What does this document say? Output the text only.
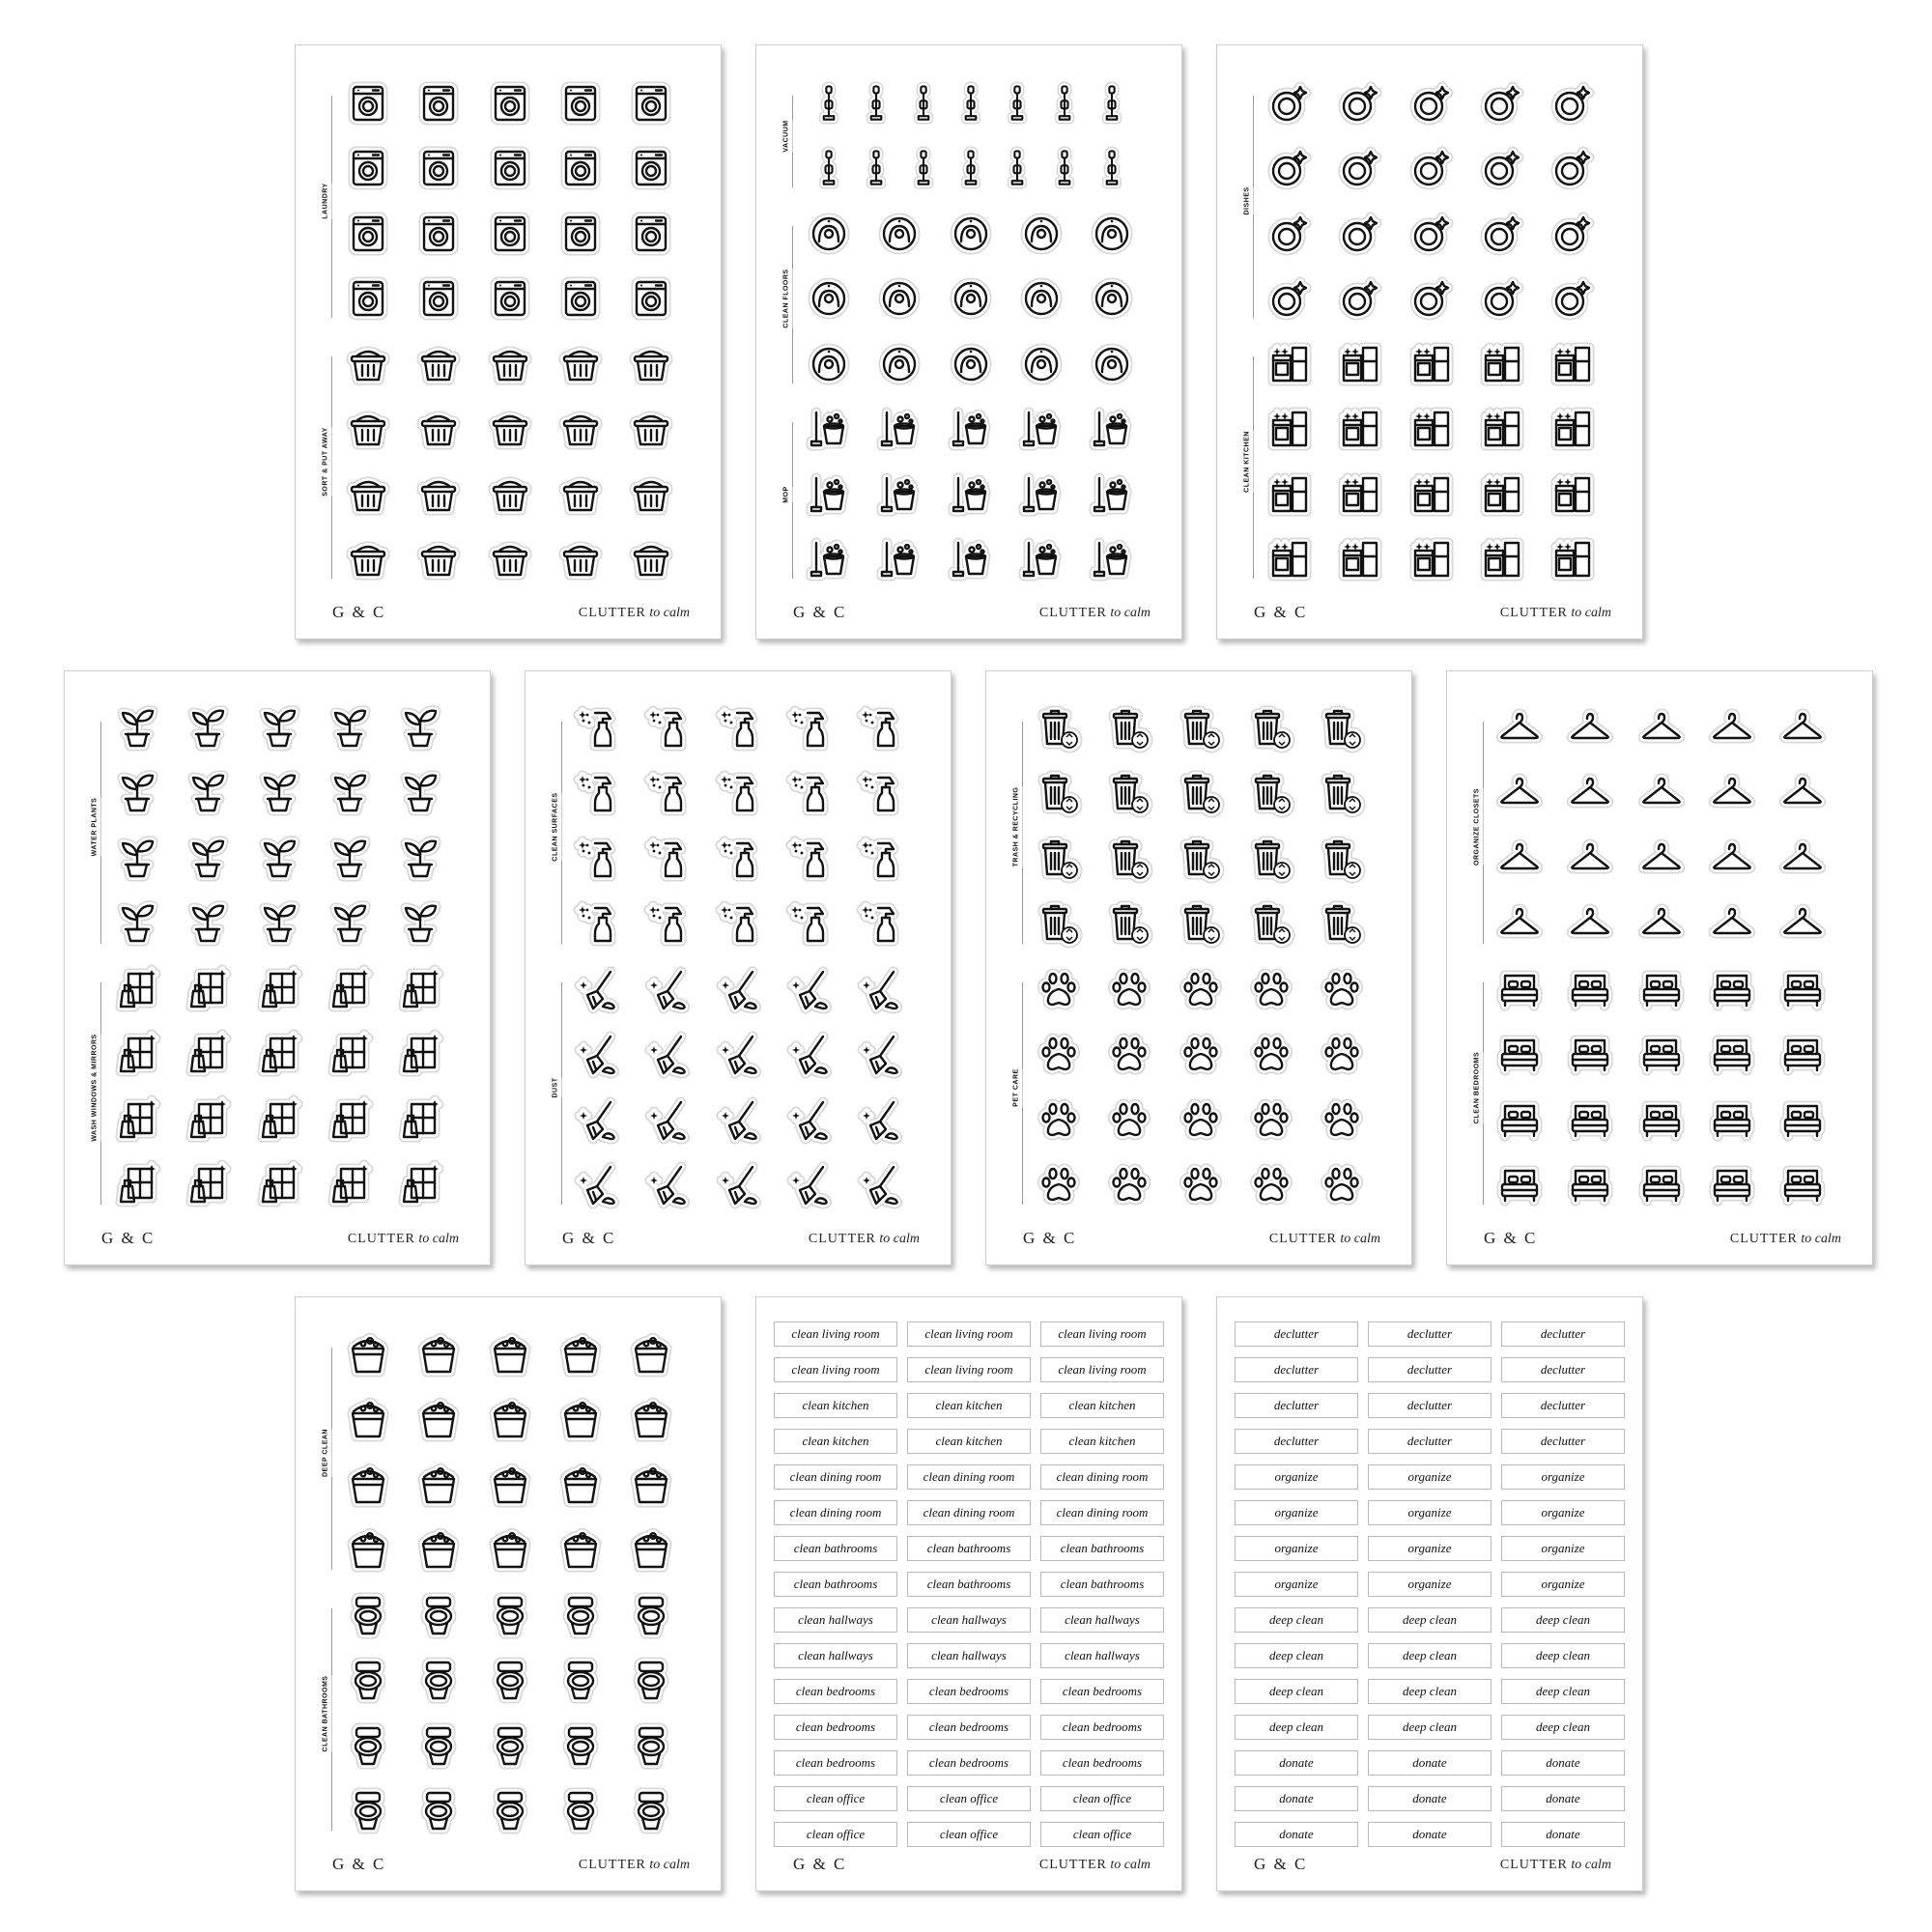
LAUNDRY
SORT & PUT AWAY
G & C	CLUTTER to calm
VACUUM
CLEAN FLOORS
MOP
G & C	CLUTTER to calm
DISHES
CLEAN KITCHEN
G & C	CLUTTER to calm
WATER PLANTS
WASH WINDOWS & MIRRORS
G & C	CLUTTER to calm
CLEAN SURFACES
DUST
G & C	CLUTTER to calm
TRASH & RECYCLING
PET CARE
G & C	CLUTTER to calm
ORGANIZE CLOSETS
CLEAN BEDROOMS
G & C	CLUTTER to calm
DEEP CLEAN
CLEAN BATHROOMS
G & C	CLUTTER to calm
clean living room	clean living room	clean living room
clean living room	clean living room	clean living room
clean kitchen	clean kitchen	clean kitchen
clean kitchen	clean kitchen	clean kitchen
clean dining room	clean dining room	clean dining room
clean dining room	clean dining room	clean dining room
clean bathrooms	clean bathrooms	clean bathrooms
clean bathrooms	clean bathrooms	clean bathrooms
clean hallways	clean hallways	clean hallways
clean hallways	clean hallways	clean hallways
clean bedrooms	clean bedrooms	clean bedrooms
clean bedrooms	clean bedrooms	clean bedrooms
clean bedrooms	clean bedrooms	clean bedrooms
clean office	clean office	clean office
clean office	clean office	clean office
G & C	CLUTTER to calm
declutter	declutter	declutter
declutter	declutter	declutter
declutter	declutter	declutter
declutter	declutter	declutter
organize	organize	organize
organize	organize	organize
organize	organize	organize
organize	organize	organize
deep clean	deep clean	deep clean
deep clean	deep clean	deep clean
deep clean	deep clean	deep clean
deep clean	deep clean	deep clean
donate	donate	donate
donate	donate	donate
donate	donate	donate
G & C	CLUTTER to calm
